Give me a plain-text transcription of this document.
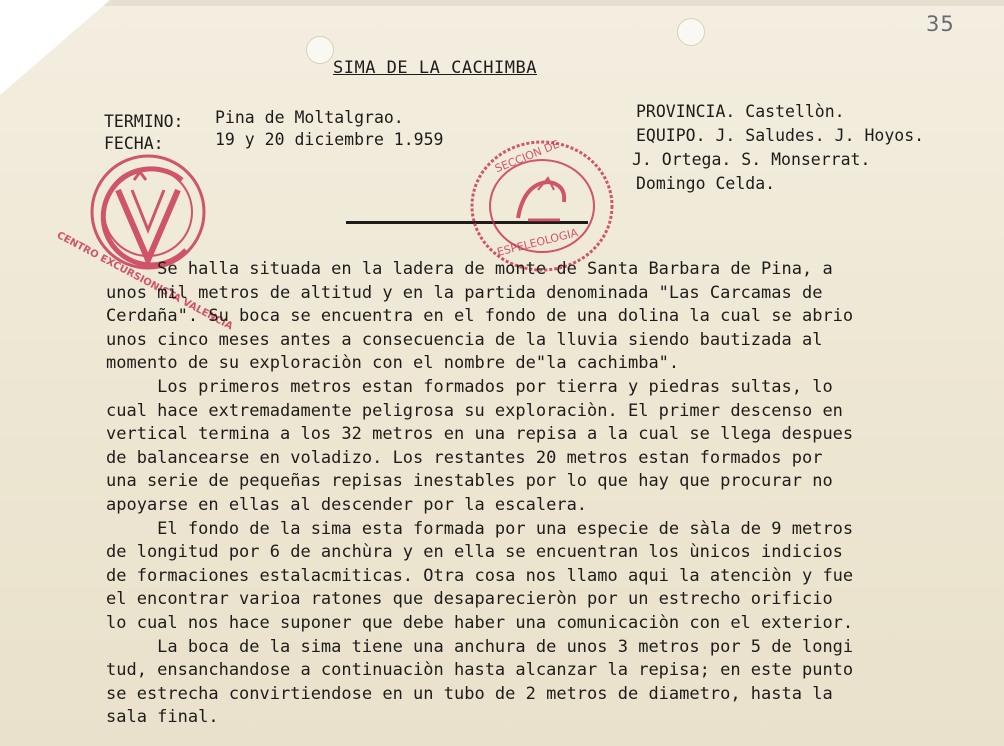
35
SIMA DE LA CACHIMBA
TERMINO: Pina de Moltalgrao.
FECHA:	19 y 20 diciembre 1.959
PROVINCIA. Castellòn.
EQUIPO. J. Saludes. J. Hoyos.
J. Ortega. S. Monserrat.
Domingo Celda.
CENTRO EXCURSIONISTA VALENCIA
SECCION DE
ESPELEOLOGIA
Se halla situada en la ladera de monte de Santa Barbara de Pina, a
unos mil metros de altitud y en la partida denominada "Las Carcamas de
Cerdaña". Su boca se encuentra en el fondo de una dolina la cual se abrio
unos cinco meses antes a consecuencia de la lluvia siendo bautizada al
momento de su exploraciòn con el nombre de"la cachimba".
Los primeros metros estan formados por tierra y piedras sultas, lo
cual hace extremadamente peligrosa su exploraciòn. El primer descenso en
vertical termina a los 32 metros en una repisa a la cual se llega despues
de balancearse en voladizo. Los restantes 20 metros estan formados por
una serie de pequeñas repisas inestables por lo que hay que procurar no
apoyarse en ellas al descender por la escalera.
El fondo de la sima esta formada por una especie de sàla de 9 metros
de longitud por 6 de anchùra y en ella se encuentran los ùnicos indicios
de formaciones estalacmiticas. Otra cosa nos llamo aqui la atenciòn y fue
el encontrar varioa ratones que desaparecieròn por un estrecho orificio
lo cual nos hace suponer que debe haber una comunicaciòn con el exterior.
La boca de la sima tiene una anchura de unos 3 metros por 5 de longi
tud, ensanchandose a continuaciòn hasta alcanzar la repisa; en este punto
se estrecha convirtiendose en un tubo de 2 metros de diametro, hasta la
sala final.
